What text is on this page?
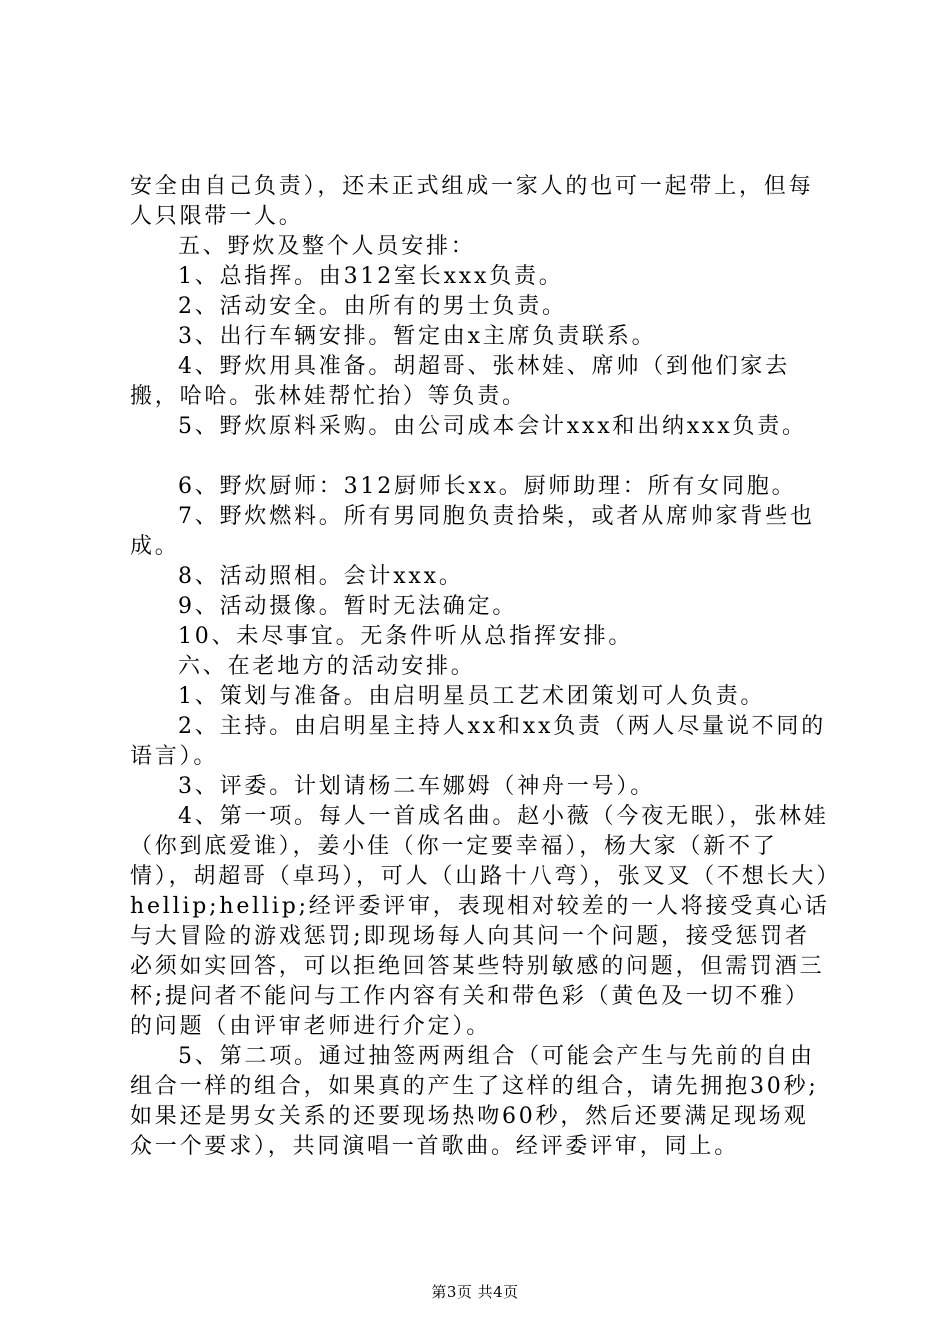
安全由自己负责），还未正式组成一家人的也可一起带上，但每人只限带一人。

五、野炊及整个人员安排：

1、总指挥。由312室长xxx负责。

2、活动安全。由所有的男士负责。

3、出行车辆安排。暂定由x主席负责联系。

4、野炊用具准备。胡超哥、张林娃、席帅（到他们家去搬，哈哈。张林娃帮忙抬）等负责。

5、野炊原料采购。由公司成本会计xxx和出纳xxx负责。

6、野炊厨师：312厨师长xx。厨师助理：所有女同胞。

7、野炊燃料。所有男同胞负责拾柴，或者从席帅家背些也成。

8、活动照相。会计xxx。

9、活动摄像。暂时无法确定。

10、未尽事宜。无条件听从总指挥安排。

六、在老地方的活动安排。

1、策划与准备。由启明星员工艺术团策划可人负责。

2、主持。由启明星主持人xx和xx负责（两人尽量说不同的语言）。

3、评委。计划请杨二车娜姆（神舟一号）。

4、第一项。每人一首成名曲。赵小薇（今夜无眠），张林娃（你到底爱谁），姜小佳（你一定要幸福），杨大家（新不了情），胡超哥（卓玛），可人（山路十八弯），张叉叉（不想长大）hellip;hellip;经评委评审，表现相对较差的一人将接受真心话与大冒险的游戏惩罚;即现场每人向其问一个问题，接受惩罚者必须如实回答，可以拒绝回答某些特别敏感的问题，但需罚酒三杯;提问者不能问与工作内容有关和带色彩（黄色及一切不雅）的问题（由评审老师进行介定）。

5、第二项。通过抽签两两组合（可能会产生与先前的自由组合一样的组合，如果真的产生了这样的组合，请先拥抱30秒;如果还是男女关系的还要现场热吻60秒，然后还要满足现场观众一个要求），共同演唱一首歌曲。经评委评审，同上。

第3页 共4页
